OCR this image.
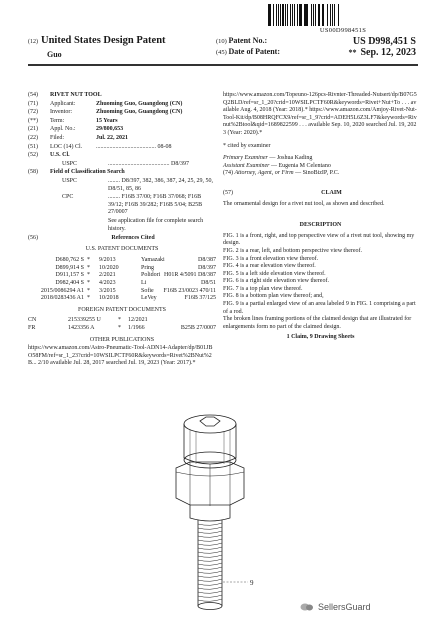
US00D998451S
(12) United States Design Patent
Guo
(10) Patent No.:	US D998,451 S
(45) Date of Patent:	** Sep. 12, 2023
(54)	RIVET NUT TOOL
(71)	Applicant:	Zhuoming Guo, Guangdong (CN)
(72)	Inventor:	Zhuoming Guo, Guangdong (CN)
(**)	Term:	15 Years
(21)	Appl. No.:	29/800,653
(22)	Filed:	Jul. 22, 2021
(51)	LOC (14) Cl.	........................................ 08-08
(52)	U.S. Cl.
USPC	......................................... D8/397
(58)	Field of Classification Search
USPC	........ D8/397, 382, 386, 387, 24, 25, 29, 50, D8/51, 85, 86
CPC	........ F16B 37/00; F16B 37/068; F16B 39/12; F16B 39/282; F16B 5/04; B25B 27/0007
See application file for complete search history.
(56)	References Cited
U.S. PATENT DOCUMENTS
D680,762 S *	9/2013	Yamazaki	D8/387
D899,914 S *	10/2020	Pring	D8/397
D911,157 S *	2/2021	Polidori H01R 4/5091 D8/387
D982,404 S *	4/2023	Li	D8/51
2015/0086294 A1 *	3/2015	Sofie	F16B 23/0023 470/11
2018/0283436 A1 *	10/2018	LeVey	F16B 37/125
FOREIGN PATENT DOCUMENTS
CN	215339255 U	*	12/2021
FR	1423356 A	*	1/1966	B25B 27/0007
OTHER PUBLICATIONS
https://www.amazon.com/Astro-Pneumatic-Tool-ADN14-Adapter/dp/B01JBO58FM/ref=sr_1_23?crid=10WSILPCTF60R&keywords=Rivet%2BNut%2B... 2/10 available Jul. 28, 2017 searched Jul. 19, 2023 (Year: 2017).*
https://www.amazon.com/Topeuno-126pcs-Rivnter-Threaded-Nutsert/dp/B07G5Q2BLD/ref=sr_1_20?crid=10WSILPCTF60R&keywords=Rivet+Nut+To . . . available Aug. 4, 2018 (Year: 2018).* https://www.amazon.com/Amjoy-Rivet-Nut-Tool-Kit/dp/B08HRQFCX9/ref=sr_1_9?crid=ADEH5L6Z3LF7&keywords=Rivnut%2Btool&qid=1689822599 . . . available Sep. 10, 2020 searched Jul. 19, 2023 (Year: 2020).*
* cited by examiner
Primary Examiner — Joshua Kading
Assistant Examiner — Eugenia M Celentano
(74) Attorney, Agent, or Firm — SinoBizIP, P.C.
(57)	CLAIM
The ornamental design for a rivet nut tool, as shown and described.
DESCRIPTION
FIG. 1 is a front, right, and top perspective view of a rivet nut tool, showing my design.
FIG. 2 is a rear, left, and bottom perspective view thereof.
FIG. 3 is a front elevation view thereof.
FIG. 4 is a rear elevation view thereof.
FIG. 5 is a left side elevation view thereof.
FIG. 6 is a right side elevation view thereof.
FIG. 7 is a top plan view thereof.
FIG. 8 is a bottom plan view thereof; and,
FIG. 9 is a partial enlarged view of an area labeled 9 in FIG. 1 comprising a part of a rod.
The broken lines framing portions of the claimed design that are illustrated for enlargements form no part of the claimed design.
1 Claim, 9 Drawing Sheets
9
SellersGuard
